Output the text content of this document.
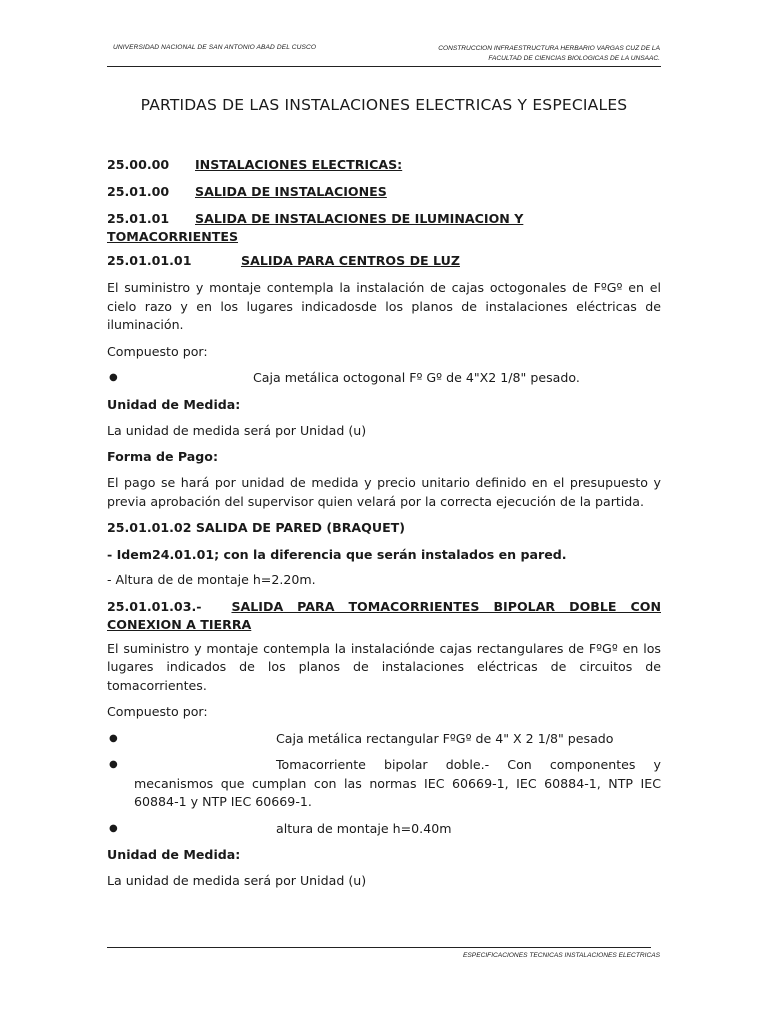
UNIVERSIDAD NACIONAL DE SAN ANTONIO ABAD DEL CUSCO	CONSTRUCCION INFRAESTRUCTURA HERBARIO VARGAS CUZ DE LA
FACULTAD DE CIENCIAS BIOLOGICAS DE LA UNSAAC.
PARTIDAS DE LAS INSTALACIONES ELECTRICAS Y ESPECIALES

25.00.00 INSTALACIONES ELECTRICAS:

25.01.00 SALIDA DE INSTALACIONES

25.01.01 SALIDA DE INSTALACIONES DE ILUMINACION Y
TOMACORRIENTES

25.01.01.01	SALIDA PARA CENTROS DE LUZ

El suministro y montaje contempla la instalación de cajas octogonales de FºGº en el cielo razo y en los lugares indicadosde los planos de instalaciones eléctricas de iluminación.

Compuesto por:

●	Caja metálica octogonal Fº Gº de 4"X2 1/8" pesado.

Unidad de Medida:

La unidad de medida será por Unidad (u)

Forma de Pago:

El pago se hará por unidad de medida y precio unitario definido en el presupuesto y previa aprobación del supervisor quien velará por la correcta ejecución de la partida.

25.01.01.02 SALIDA DE PARED (BRAQUET)

- Idem24.01.01; con la diferencia que serán instalados en pared.

- Altura de de montaje h=2.20m.

25.01.01.03.- SALIDA PARA TOMACORRIENTES BIPOLAR DOBLE CON
CONEXION A TIERRA

El suministro y montaje contempla la instalaciónde cajas rectangulares de FºGº en los lugares indicados de los planos de instalaciones eléctricas de circuitos de tomacorrientes.

Compuesto por:

●	Caja metálica rectangular FºGº de 4" X 2 1/8" pesado

●	Tomacorriente bipolar doble.- Con componentes y mecanismos que cumplan con las normas IEC 60669-1, IEC 60884-1, NTP IEC 60884-1 y NTP IEC 60669-1.

●	altura de montaje h=0.40m

Unidad de Medida:

La unidad de medida será por Unidad (u)

ESPECIFICACIONES TECNICAS INSTALACIONES ELECTRICAS
